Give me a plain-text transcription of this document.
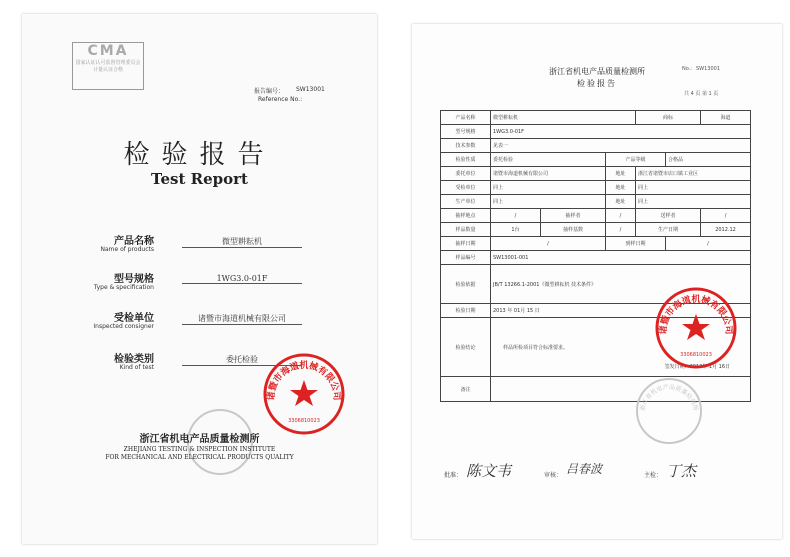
CMA
国家认证认可监督管理委员会 计量认证合格
报告编号： SW13001
Reference No.:
检验报告
Test Report
产品名称
Name of products
微型耕耘机
型号规格
Type & specification
1WG3.0-01F
受检单位
Inspected consigner
诸暨市海道机械有限公司
检验类别
Kind of test
委托检验
诸暨市海道机械有限公司
3306810023
浙江省机电产品质量检测所
ZHEJIANG TESTING & INSPECTION INSTITUTE
FOR MECHANICAL AND ELECTRICAL PRODUCTS QUALITY
浙江省机电产品质量检测所
检验报告
No.: SW13001
共 4 页 第 1 页
产品名称	微型耕耘机			商标		海道
型号规格	1WG3.0-01F					
技术参数	见表一					
检验性质	委托检验		产品等级		合格品	
委托单位	诸暨市海道机械有限公司		地址	浙江省诸暨市店口镇工业区		
受检单位	同上		地址	同上		
生产单位	同上		地址	同上		
抽样地点	/	抽样者	/	送样者		/
样品数量	1台	抽样基数	/	生产日期		2012.12
抽样日期	/		到样日期		/	
样品编号	SW13001-001					
检验依据	JB/T 13266.1-2001《微型耕耘机 技术条件》					
检验日期	2013 年 01月 15 日					
检验结论	样品所检项目符合标准要求。
签发日期：2013年 1月 16日					

备注						
诸暨市海道机械有限公司
3306810023
浙江省机电产品质量检测所
批准： 陈文韦	审核： 吕春波	主检： 丁杰
